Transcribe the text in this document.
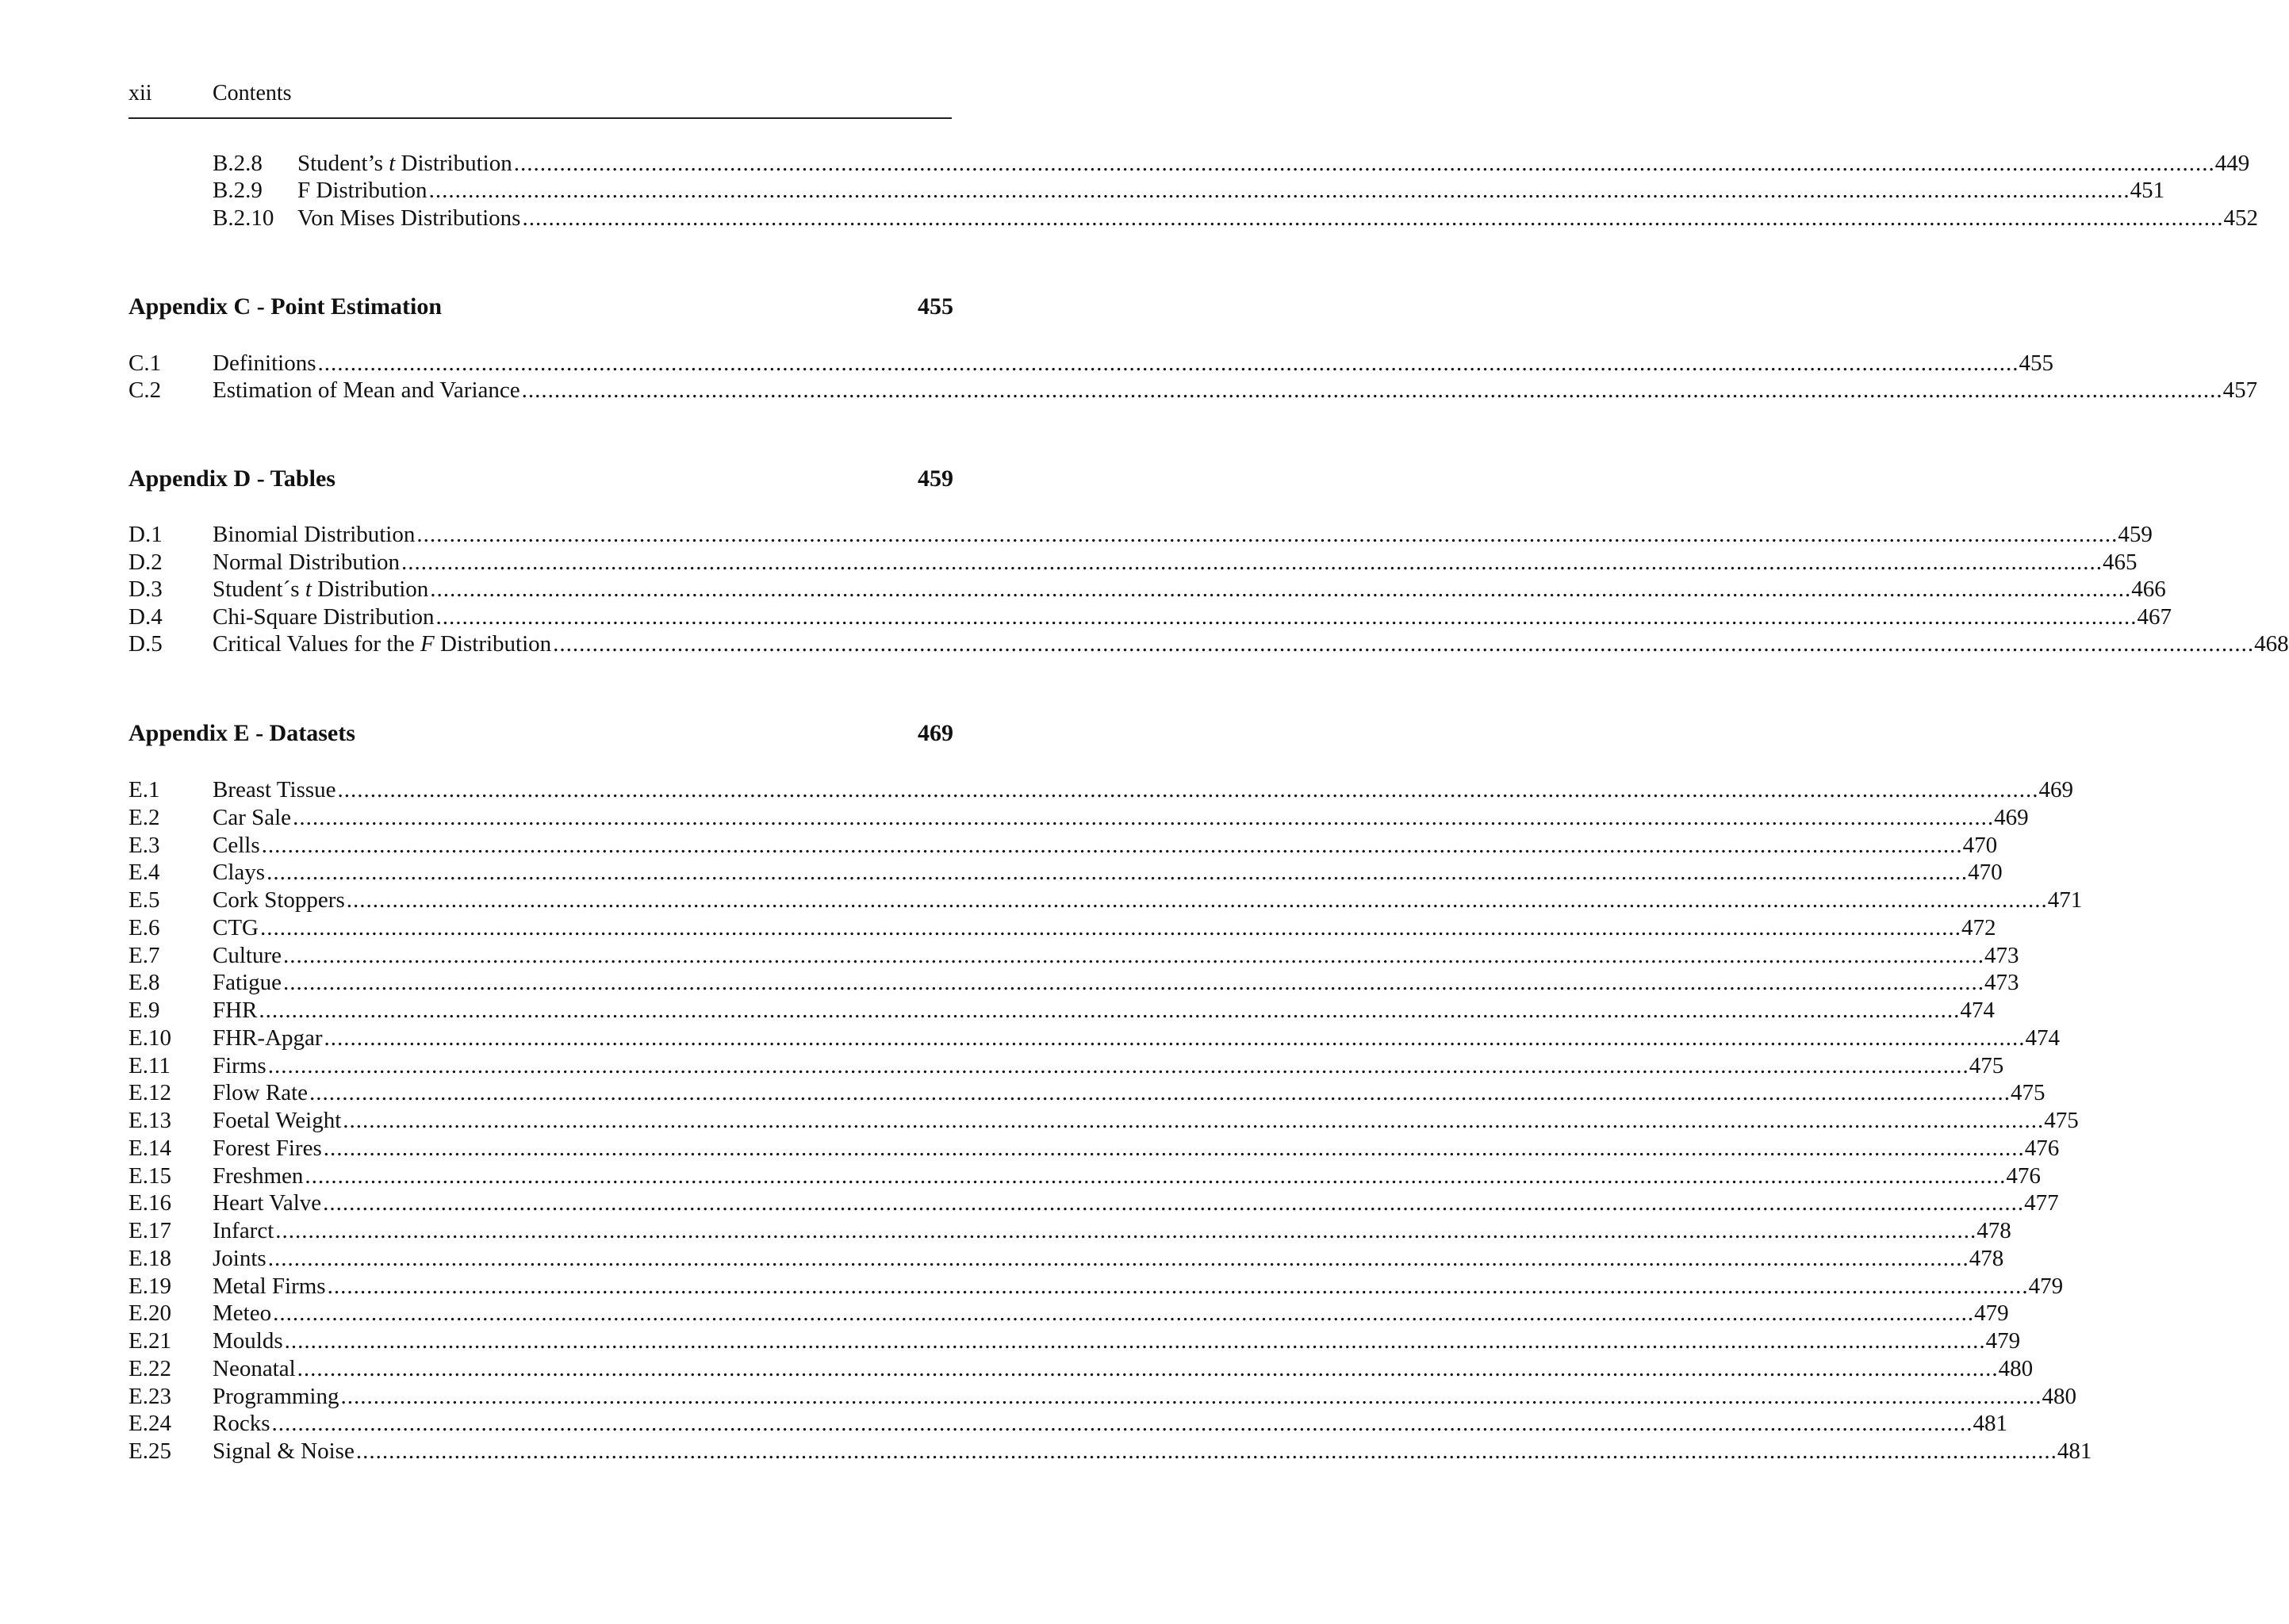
xii	Contents
B.2.8	Student’s t Distribution .................................................................................................................................................................................................................................................................... 449
B.2.9	F Distribution .................................................................................................................................................................................................................................................................... 451
B.2.10	Von Mises Distributions .................................................................................................................................................................................................................................................................... 452
Appendix C - Point Estimation	455
C.1	Definitions .................................................................................................................................................................................................................................................................... 455
C.2	Estimation of Mean and Variance .................................................................................................................................................................................................................................................................... 457
Appendix D - Tables	459
D.1	Binomial Distribution .................................................................................................................................................................................................................................................................... 459
D.2	Normal Distribution .................................................................................................................................................................................................................................................................... 465
D.3	Student´s t Distribution .................................................................................................................................................................................................................................................................... 466
D.4	Chi-Square Distribution .................................................................................................................................................................................................................................................................... 467
D.5	Critical Values for the F Distribution .................................................................................................................................................................................................................................................................... 468
Appendix E - Datasets	469
E.1	Breast Tissue .................................................................................................................................................................................................................................................................... 469
E.2	Car Sale .................................................................................................................................................................................................................................................................... 469
E.3	Cells .................................................................................................................................................................................................................................................................... 470
E.4	Clays .................................................................................................................................................................................................................................................................... 470
E.5	Cork Stoppers .................................................................................................................................................................................................................................................................... 471
E.6	CTG .................................................................................................................................................................................................................................................................... 472
E.7	Culture .................................................................................................................................................................................................................................................................... 473
E.8	Fatigue .................................................................................................................................................................................................................................................................... 473
E.9	FHR .................................................................................................................................................................................................................................................................... 474
E.10	FHR-Apgar .................................................................................................................................................................................................................................................................... 474
E.11	Firms .................................................................................................................................................................................................................................................................... 475
E.12	Flow Rate .................................................................................................................................................................................................................................................................... 475
E.13	Foetal Weight .................................................................................................................................................................................................................................................................... 475
E.14	Forest Fires .................................................................................................................................................................................................................................................................... 476
E.15	Freshmen .................................................................................................................................................................................................................................................................... 476
E.16	Heart Valve .................................................................................................................................................................................................................................................................... 477
E.17	Infarct .................................................................................................................................................................................................................................................................... 478
E.18	Joints .................................................................................................................................................................................................................................................................... 478
E.19	Metal Firms .................................................................................................................................................................................................................................................................... 479
E.20	Meteo .................................................................................................................................................................................................................................................................... 479
E.21	Moulds .................................................................................................................................................................................................................................................................... 479
E.22	Neonatal .................................................................................................................................................................................................................................................................... 480
E.23	Programming .................................................................................................................................................................................................................................................................... 480
E.24	Rocks .................................................................................................................................................................................................................................................................... 481
E.25	Signal & Noise .................................................................................................................................................................................................................................................................... 481
